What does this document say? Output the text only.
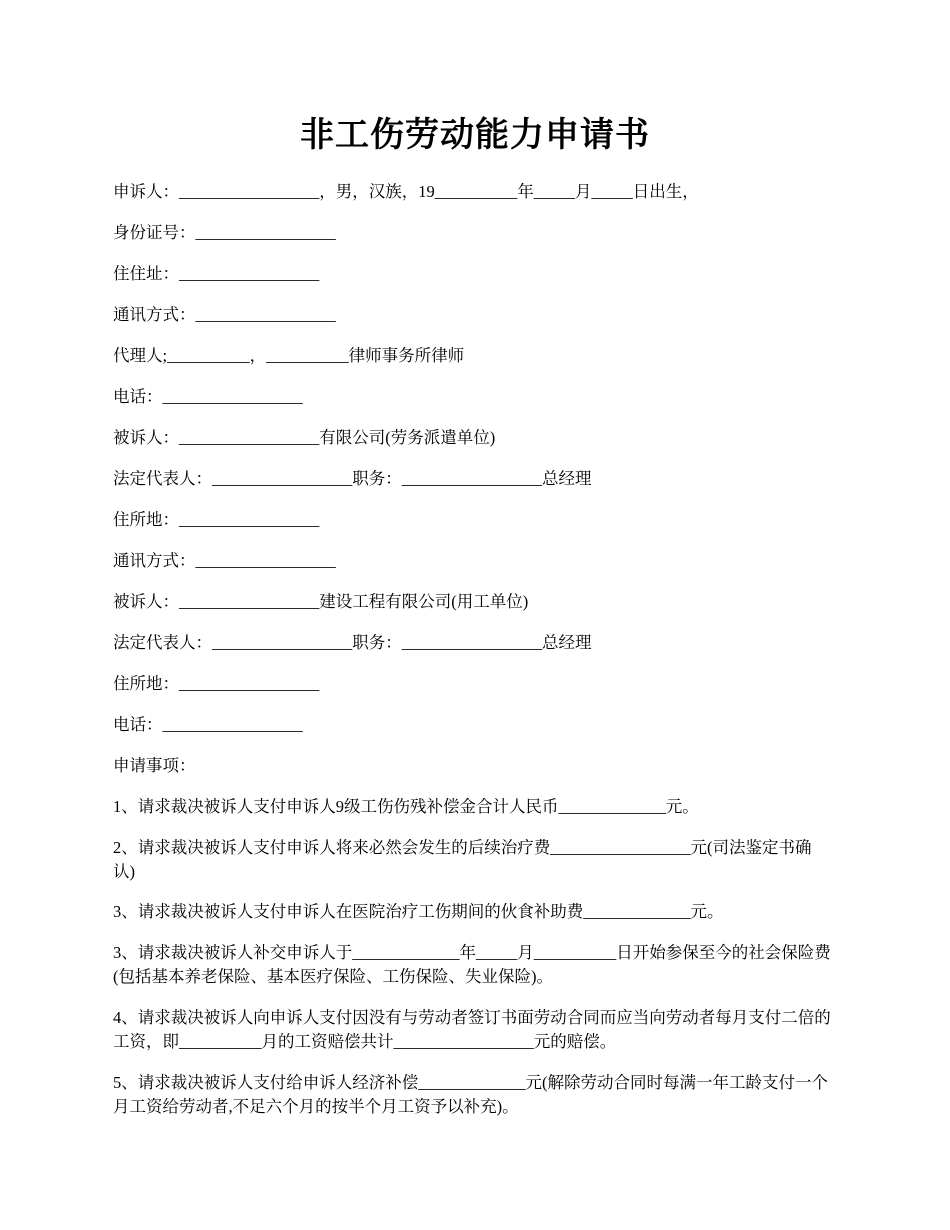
非工伤劳动能力申请书
申诉人：_________________，男，汉族，19__________年_____月_____日出生，
身份证号：_________________
住住址：_________________
通讯方式：_________________
代理人;__________，__________律师事务所律师
电话：_________________
被诉人：_________________有限公司(劳务派遣单位)
法定代表人：_________________职务：_________________总经理
住所地：_________________
通讯方式：_________________
被诉人：_________________建设工程有限公司(用工单位)
法定代表人：_________________职务：_________________总经理
住所地：_________________
电话：_________________
申请事项：
1、请求裁决被诉人支付申诉人9级工伤伤残补偿金合计人民币_____________元。
2、请求裁决被诉人支付申诉人将来必然会发生的后续治疗费_________________元(司法鉴定书确认)
3、请求裁决被诉人支付申诉人在医院治疗工伤期间的伙食补助费_____________元。
3、请求裁决被诉人补交申诉人于_____________年_____月__________日开始参保至今的社会保险费(包括基本养老保险、基本医疗保险、工伤保险、失业保险)。
4、请求裁决被诉人向申诉人支付因没有与劳动者签订书面劳动合同而应当向劳动者每月支付二倍的工资，即__________月的工资赔偿共计_________________元的赔偿。
5、请求裁决被诉人支付给申诉人经济补偿_____________元(解除劳动合同时每满一年工龄支付一个月工资给劳动者,不足六个月的按半个月工资予以补充)。
